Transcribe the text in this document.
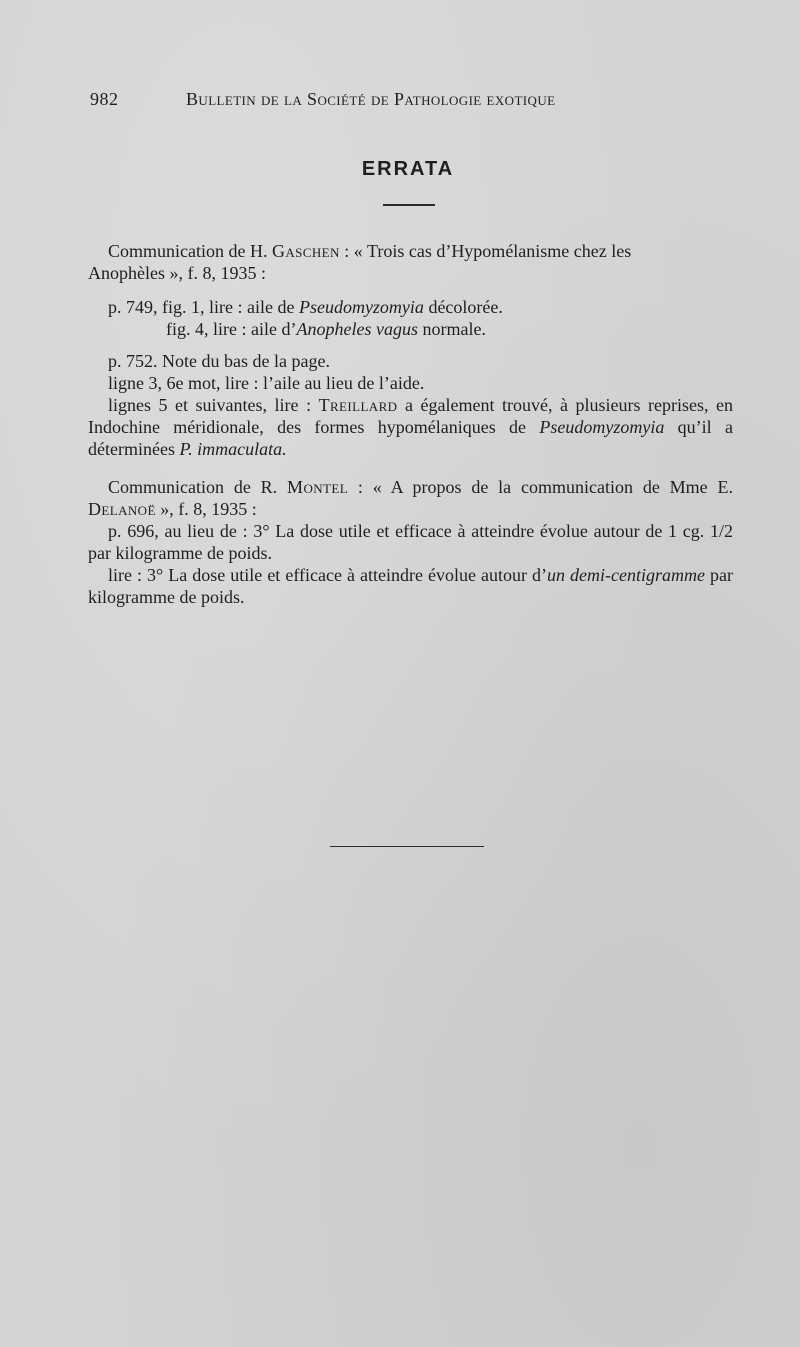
982	Bulletin de la Société de Pathologie exotique
ERRATA

Communication de H. Gaschen : « Trois cas d’Hypomélanisme chez les
Anophèles », f. 8, 1935 :

p. 749, fig. 1, lire : aile de Pseudomyzomyia décolorée.

fig. 4, lire : aile d’Anopheles vagus normale.

p. 752. Note du bas de la page.

ligne 3, 6e mot, lire : l’aile au lieu de l’aide.

lignes 5 et suivantes, lire : Treillard a également trouvé, à plusieurs reprises, en Indochine méridionale, des formes hypomélaniques de Pseudomyzomyia qu’il a déterminées P. immaculata.

Communication de R. Montel : « A propos de la communication de Mme E. Delanoë », f. 8, 1935 :

p. 696, au lieu de : 3° La dose utile et efficace à atteindre évolue autour de 1 cg. 1/2 par kilogramme de poids.

lire : 3° La dose utile et efficace à atteindre évolue autour d’un demi-centigramme par kilogramme de poids.
